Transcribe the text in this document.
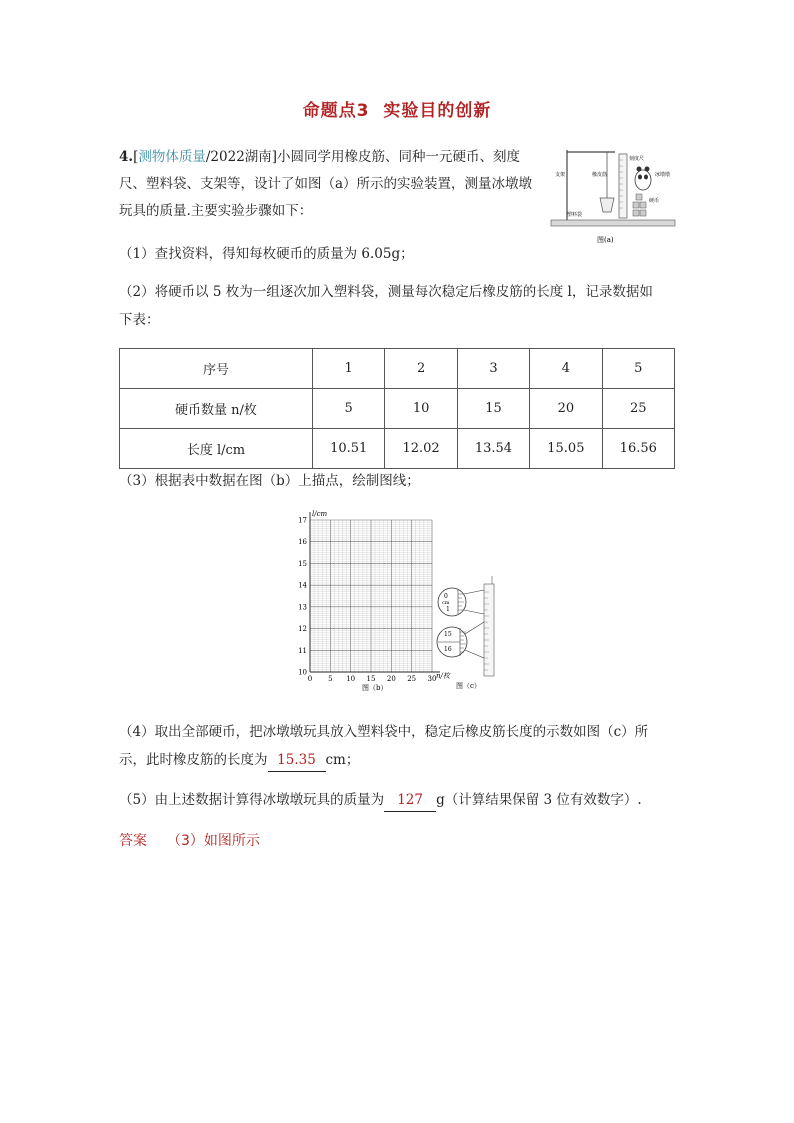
命题点3 实验目的创新
4.[测物体质量/2022湖南]小圆同学用橡皮筋、同种一元硬币、刻度尺、塑料袋、支架等，设计了如图（a）所示的实验装置，测量冰墩墩玩具的质量.主要实验步骤如下：
支架	橡皮筋
塑料袋
刻度尺
冰墩墩
硬币
图(a)
（1）查找资料，得知每枚硬币的质量为 6.05g；
（2）将硬币以 5 枚为一组逐次加入塑料袋，测量每次稳定后橡皮筋的长度 l，记录数据如
下表：
序号	1	2	3	4	5
硬币数量 n/枚	5	10	15	20	25
长度 l/cm	10.51	12.02	13.54	15.05	16.56
（3）根据表中数据在图（b）上描点，绘制图线；
10
11
12
13
14
15
16
17
0 5 10 15 20 25 30
l/cm
n/枚
图（b）
0
cm
1
15
16
图（c）
（4）取出全部硬币，把冰墩墩玩具放入塑料袋中，稳定后橡皮筋长度的示数如图（c）所
示，此时橡皮筋的长度为 15.35 cm；
（5）由上述数据计算得冰墩墩玩具的质量为 127 g（计算结果保留 3 位有效数字）.
答案 （3）如图所示
